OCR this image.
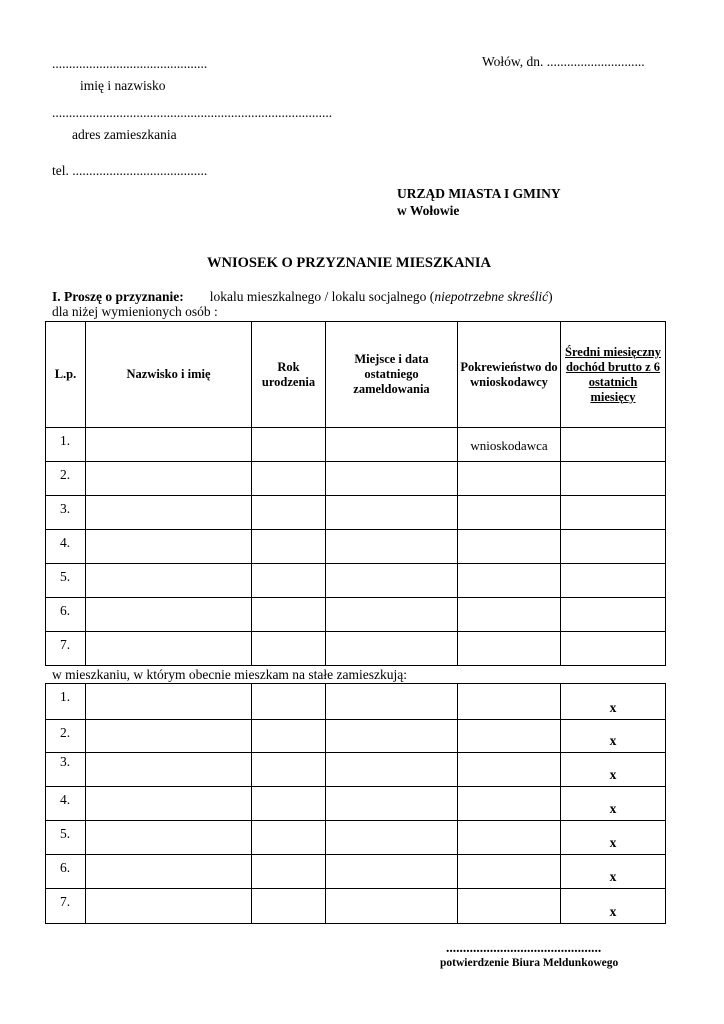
..............................................	Wołów, dn. .............................
imię i nazwisko
...................................................................................
adres zamieszkania
tel. ........................................
URZĄD MIASTA I GMINY
w Wołowie
WNIOSEK O PRZYZNANIE MIESZKANIA
I. Proszę o przyznanie: lokalu mieszkalnego / lokalu socjalnego (niepotrzebne skreślić)
dla niżej wymienionych osób :
L.p.	Nazwisko i imię	Rok urodzenia	Miejsce i data ostatniego zameldowania	Pokrewieństwo do wnioskodawcy	Średni miesięczny dochód brutto z 6 ostatnich miesięcy
1.				wnioskodawca	
2.					
3.					
4.					
5.					
6.					
7.					
w mieszkaniu, w którym obecnie mieszkam na stałe zamieszkują:
1.					x
2.					x
3.					x
4.					x
5.					x
6.					x
7.					x
..............................................
potwierdzenie Biura Meldunkowego
